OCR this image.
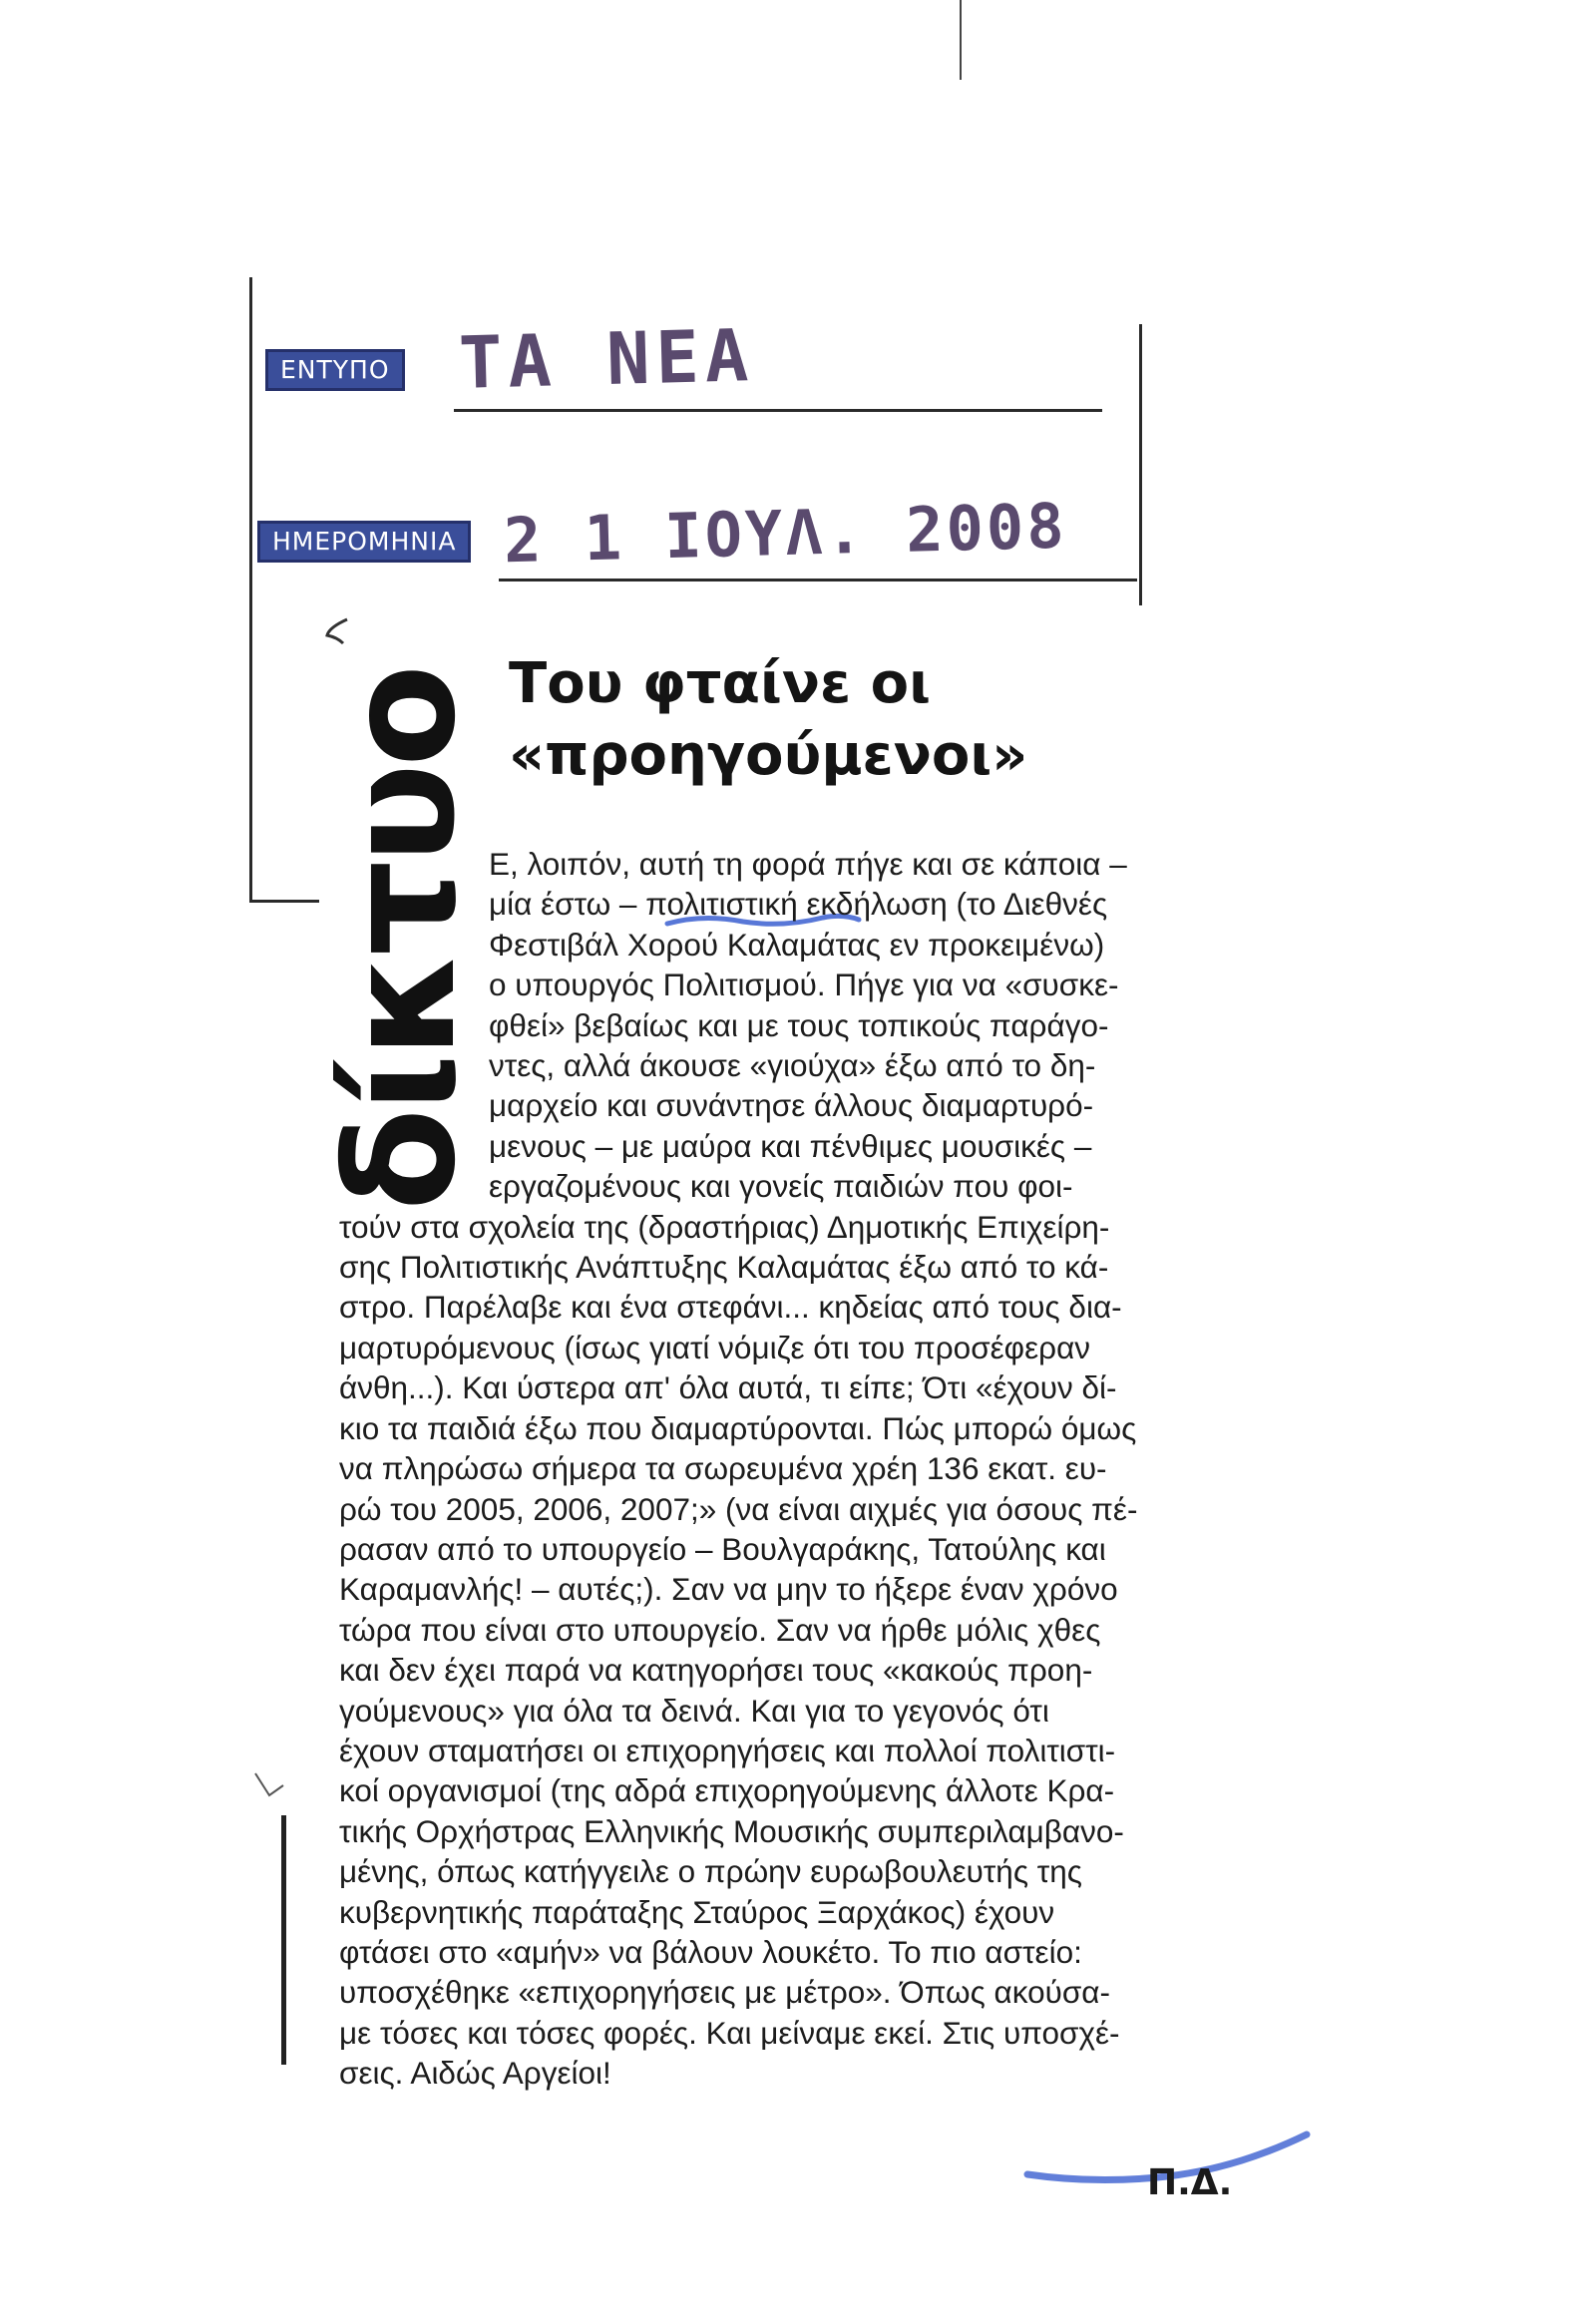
ΕΝΤΥΠΟ ΤΑ ΝΕΑ
ΗΜΕΡΟΜΗΝΙΑ 2 1 ΙΟΥΛ. 2008
δίκτυο Του φταίνε οι
«προηγούμενοι»
Ε, λοιπόν, αυτή τη φορά πήγε και σε κάποια –
μία έστω – πολιτιστική εκδήλωση (το Διεθνές
Φεστιβάλ Χορού Καλαμάτας εν προκειμένω)
ο υπουργός Πολιτισμού. Πήγε για να «συσκε-
φθεί» βεβαίως και με τους τοπικούς παράγο-
ντες, αλλά άκουσε «γιούχα» έξω από το δη-
μαρχείο και συνάντησε άλλους διαμαρτυρό-
μενους – με μαύρα και πένθιμες μουσικές –
εργαζομένους και γονείς παιδιών που φοι-
τούν στα σχολεία της (δραστήριας) Δημοτικής Επιχείρη-
σης Πολιτιστικής Ανάπτυξης Καλαμάτας έξω από το κά-
στρο. Παρέλαβε και ένα στεφάνι... κηδείας από τους δια-
μαρτυρόμενους (ίσως γιατί νόμιζε ότι του προσέφεραν
άνθη...). Και ύστερα απ' όλα αυτά, τι είπε; Ότι «έχουν δί-
κιο τα παιδιά έξω που διαμαρτύρονται. Πώς μπορώ όμως
να πληρώσω σήμερα τα σωρευμένα χρέη 136 εκατ. ευ-
ρώ του 2005, 2006, 2007;» (να είναι αιχμές για όσους πέ-
ρασαν από το υπουργείο – Βουλγαράκης, Τατούλης και
Καραμανλής! – αυτές;). Σαν να μην το ήξερε έναν χρόνο
τώρα που είναι στο υπουργείο. Σαν να ήρθε μόλις χθες
και δεν έχει παρά να κατηγορήσει τους «κακούς προη-
γούμενους» για όλα τα δεινά. Και για το γεγονός ότι
έχουν σταματήσει οι επιχορηγήσεις και πολλοί πολιτιστι-
κοί οργανισμοί (της αδρά επιχορηγούμενης άλλοτε Κρα-
τικής Ορχήστρας Ελληνικής Μουσικής συμπεριλαμβανο-
μένης, όπως κατήγγειλε ο πρώην ευρωβουλευτής της
κυβερνητικής παράταξης Σταύρος Ξαρχάκος) έχουν
φτάσει στο «αμήν» να βάλουν λουκέτο. Το πιο αστείο:
υποσχέθηκε «επιχορηγήσεις με μέτρο». Όπως ακούσα-
με τόσες και τόσες φορές. Και μείναμε εκεί. Στις υποσχέ-
σεις. Αιδώς Αργείοι!
Π.Δ.
